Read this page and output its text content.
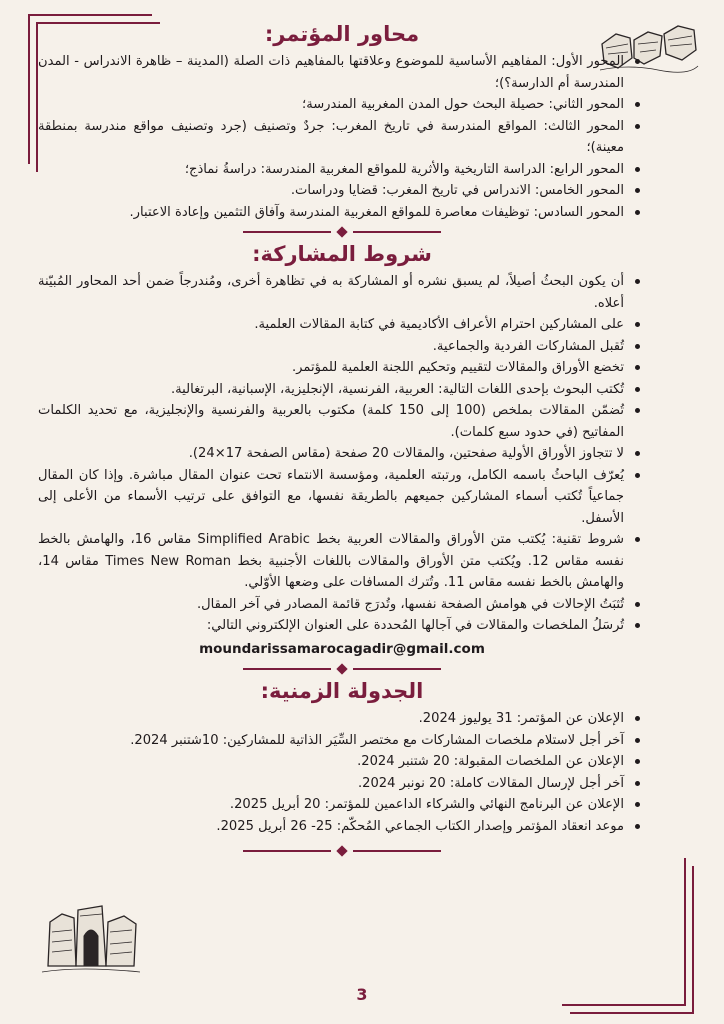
محاور المؤتمر:
المحور الأول: المفاهيم الأساسية للموضوع وعلاقتها بالمفاهيم ذات الصلة (المدينة – ظاهرة الاندراس - المدن المندرسة أم الدارسة؟)؛
المحور الثاني: حصيلة البحث حول المدن المغربية المندرسة؛
المحور الثالث: المواقع المندرسة في تاريخ المغرب: جردٌ وتصنيف (جرد وتصنيف مواقع مندرسة بمنطقة معينة)؛
المحور الرابع: الدراسة التاريخية والأثرية للمواقع المغربية المندرسة: دراسةُ نماذج؛
المحور الخامس: الاندراس في تاريخ المغرب: قضايا ودراسات.
المحور السادس: توظيفات معاصرة للمواقع المغربية المندرسة وآفاق التثمين وإعادة الاعتبار.
شروط المشاركة:
أن يكون البحثُ أصيلاً، لم يسبق نشره أو المشاركة به في تظاهرة أخرى، ومُندرجاً ضمن أحد المحاور المُبيّنة أعلاه.
على المشاركين احترام الأعراف الأكاديمية في كتابة المقالات العلمية.
تُقبل المشاركات الفردية والجماعية.
تخضع الأوراق والمقالات لتقييم وتحكيم اللجنة العلمية للمؤتمر.
تُكتب البحوث بإحدى اللغات التالية: العربية، الفرنسية، الإنجليزية، الإسبانية، البرتغالية.
تُضمّن المقالات بملخص (100 إلى 150 كلمة) مكتوب بالعربية والفرنسية والإنجليزية، مع تحديد الكلمات المفاتيح (في حدود سبع كلمات).
لا تتجاوز الأوراق الأولية صفحتين، والمقالات 20 صفحة (مقاس الصفحة 17×24).
يُعرّف الباحثُ باسمه الكامل، ورتبته العلمية، ومؤسسة الانتماء تحت عنوان المقال مباشرة. وإذا كان المقال جماعياً تُكتب أسماء المشاركين جميعهم بالطريقة نفسها، مع التوافق على ترتيب الأسماء من الأعلى إلى الأسفل.
شروط تقنية: يُكتب متن الأوراق والمقالات العربية بخط Simplified Arabic مقاس 16، والهامش بالخط نفسه مقاس 12. ويُكتب متن الأوراق والمقالات باللغات الأجنبية بخط Times New Roman مقاس 14، والهامش بالخط نفسه مقاس 11. وتُترك المسافات على وضعها الأوّلي.
تُثبَتُ الإحالات في هوامش الصفحة نفسها، وتُدرَج قائمة المصادر في آخر المقال.
تُرسَلُ الملخصات والمقالات في آجالها المُحددة على العنوان الإلكتروني التالي:
moundarissamarocagadir@gmail.com
الجدولة الزمنية:
الإعلان عن المؤتمر: 31 يوليوز 2024.
آخر أجل لاستلام ملخصات المشاركات مع مختصر السِّيَر الذاتية للمشاركين: 10شتنبر 2024.
الإعلان عن الملخصات المقبولة: 20 شتنبر 2024.
آخر أجل لإرسال المقالات كاملة: 20 نونبر 2024.
الإعلان عن البرنامج النهائي والشركاء الداعمين للمؤتمر: 20 أبريل 2025.
موعد انعقاد المؤتمر وإصدار الكتاب الجماعي المُحكّم: 25- 26 أبريل 2025.
3
